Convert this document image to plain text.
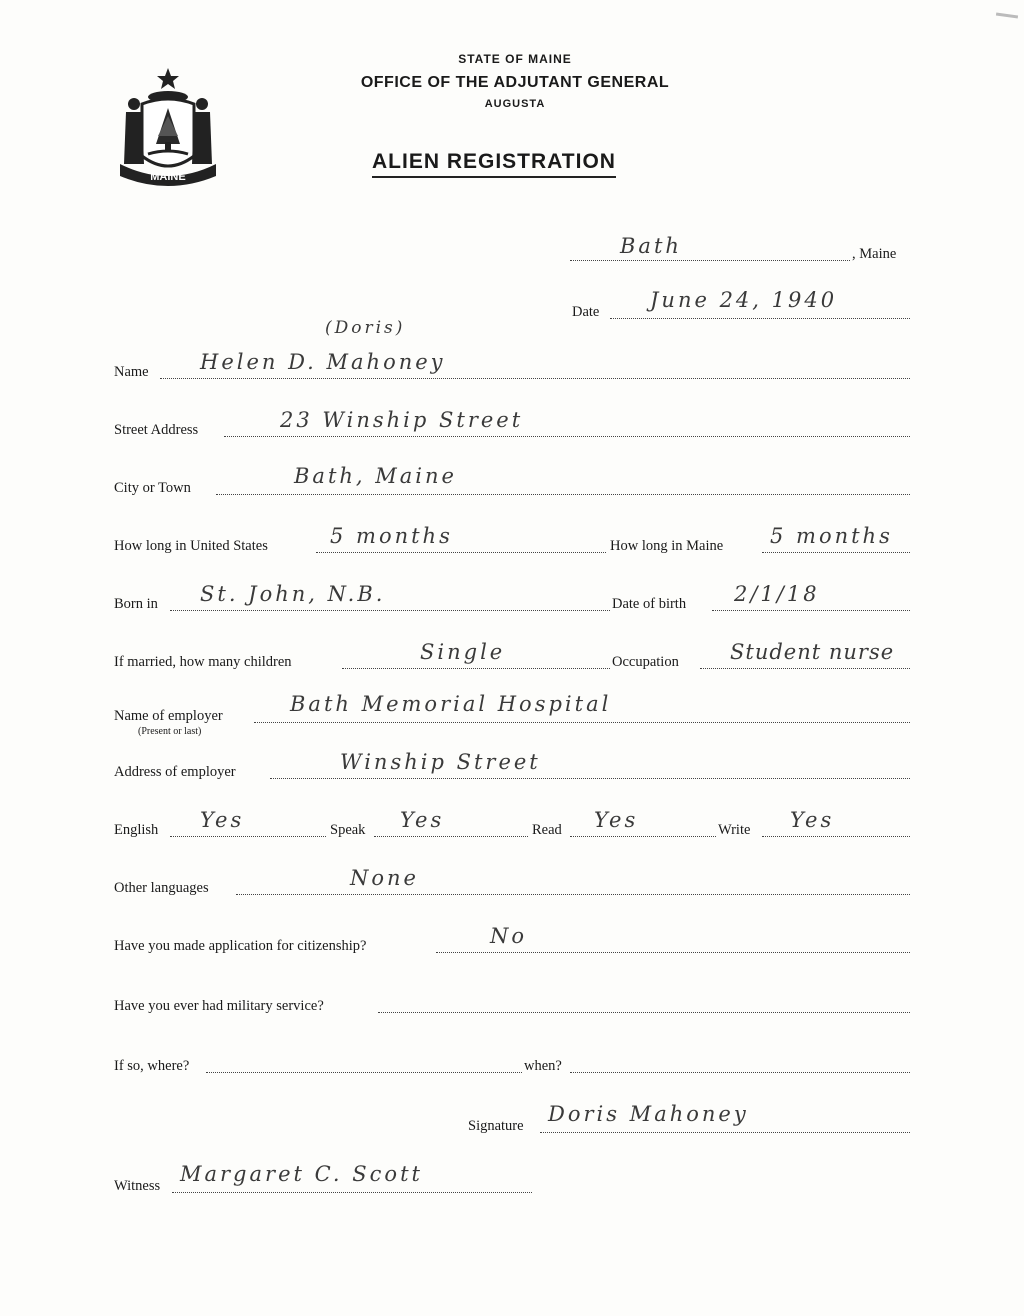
MAINE
STATE OF MAINE
OFFICE OF THE ADJUTANT GENERAL
AUGUSTA
ALIEN REGISTRATION
Bath	, Maine
Date June 24, 1940
(Doris)
Name Helen D. Mahoney
Street Address	23 Winship Street
City or Town	Bath, Maine
How long in United States	5 months	How long in Maine 5 months
Born in St. John, N.B.	Date of birth 2/1/18
If married, how many children	Single	Occupation Student nurse
Name of employer
(Present or last)
Bath Memorial Hospital
Address of employer	Winship Street
English Yes	Speak Yes	Read Yes	Write Yes
Other languages	None
Have you made application for citizenship?	No
Have you ever had military service?
If so, where?	when?
Signature Doris Mahoney
Witness Margaret C. Scott
